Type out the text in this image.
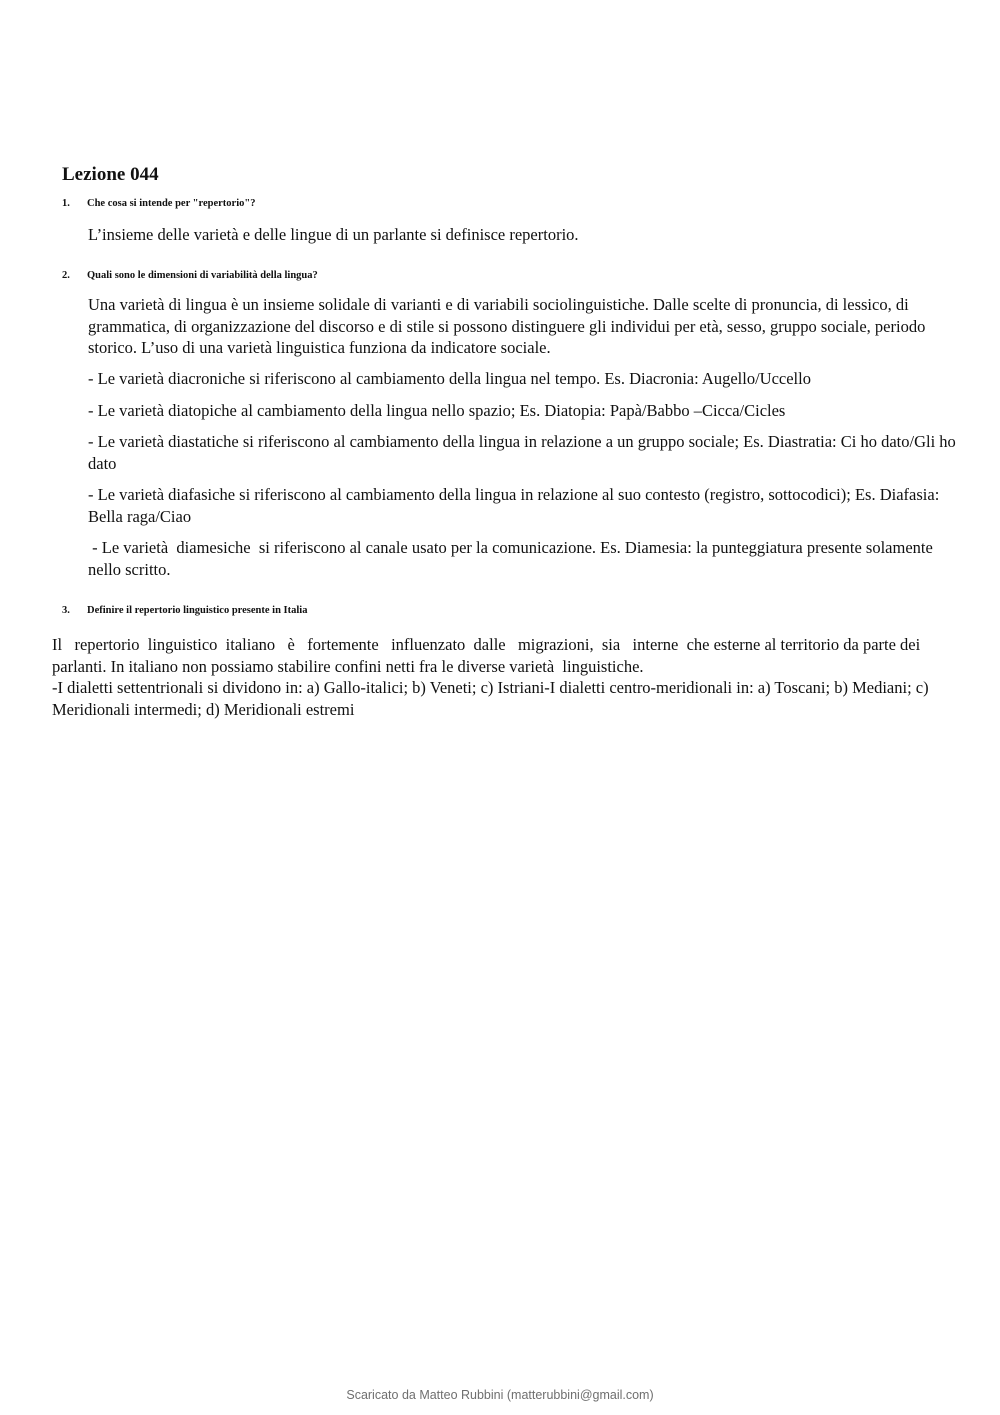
Lezione 044
1. Che cosa si intende per "repertorio"?

L’insieme delle varietà e delle lingue di un parlante si definisce repertorio.

2. Quali sono le dimensioni di variabilità della lingua?

Una varietà di lingua è un insieme solidale di varianti e di variabili sociolinguistiche. Dalle scelte di pronuncia, di lessico, di grammatica, di organizzazione del discorso e di stile si possono distinguere gli individui per età, sesso, gruppo sociale, periodo storico. L’uso di una varietà linguistica funziona da indicatore sociale.

- Le varietà diacroniche si riferiscono al cambiamento della lingua nel tempo. Es. Diacronia: Augello/Uccello

- Le varietà diatopiche al cambiamento della lingua nello spazio; Es. Diatopia: Papà/Babbo –Cicca/Cicles

- Le varietà diastatiche si riferiscono al cambiamento della lingua in relazione a un gruppo sociale; Es. Diastratia: Ci ho dato/Gli ho dato

- Le varietà diafasiche si riferiscono al cambiamento della lingua in relazione al suo contesto (registro, sottocodici); Es. Diafasia: Bella raga/Ciao

- Le varietà  diamesiche  si riferiscono al canale usato per la comunicazione. Es. Diamesia: la punteggiatura presente solamente nello scritto.

3. Definire il repertorio linguistico presente in Italia

Il   repertorio  linguistico  italiano   è   fortemente   influenzato  dalle   migrazioni,  sia   interne  che esterne al territorio da parte dei parlanti. In italiano non possiamo stabilire confini netti fra le diverse varietà  linguistiche.

-I dialetti settentrionali si dividono in: a) Gallo-italici; b) Veneti; c) Istriani-I dialetti centro-meridionali in: a) Toscani; b) Mediani; c) Meridionali intermedi; d) Meridionali estremi

Scaricato da Matteo Rubbini (matterubbini@gmail.com)
